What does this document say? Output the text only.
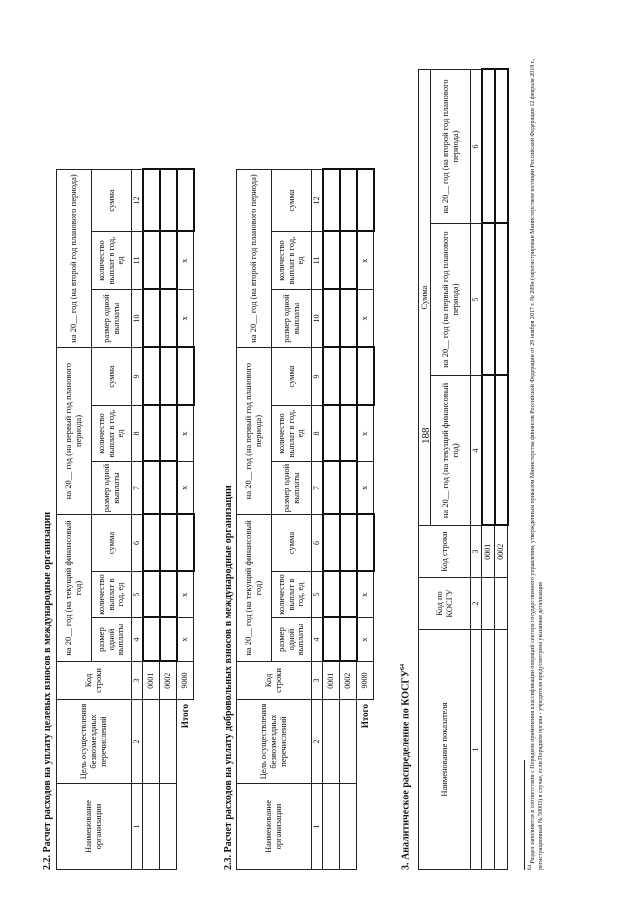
188
2.2. Расчет расходов на уплату целевых взносов в международные организации	Наименование организации	Цель осуществления безвозмездных перечислений	Код строки	на 20__ год (на текущий финансовый год)			на 20__ год (на первый год планового периода)			на 20__ год (на второй год планового периода)		
			размер одной выплаты	количество выплат в год, ед	сумма	размер одной выплаты	количество выплат в год, ед	сумма	размер одной выплаты	количество выплат в год, ед	сумма
1	2	3	4	5	6	7	8	9	10	11	12
		0001									
		0002									
	Итого	9000	х	х		х	х		х	х	
2.3. Расчет расходов на уплату добровольных взносов в международные организации	Наименование организации	Цель осуществления безвозмездных перечислений	Код строки	на 20__ год (на текущий финансовый год)			на 20__ год (на первый год планового периода)			на 20__ год (на второй год планового периода)		
			размер одной выплаты	количество выплат в год, ед	сумма	размер одной выплаты	количество выплат в год, ед	сумма	размер одной выплаты	количество выплат в год, ед	сумма
1	2	3	4	5	6	7	8	9	10	11	12
		0001									
		0002									
	Итого	9000	х	х		х	х		х	х	
3. Аналитическое распределение по КОСГУ$^{64}$
Наименование показателя	Код по КОСГУ	Код строки	Сумма		
			на 20__ год (на текущий финансовый год)	на 20__ год (на первый год планового периода)	на 20__ год (на второй год планового периода)
1	2	3	4	5	6
		0001			
		0002			
$^{64}$ Раздел заполняется в соответствии с Порядком применения классификации операций сектора государственного управления, утвержденным приказом Министерства финансов Российской Федерации от 29 ноября 2017 г. № 209н (зарегистрирован Министерством юстиции Российской Федерации 12 февраля 2018 г., регистрационный № 50003) в случае, если Порядком органа - учредителя предусмотрена указанная детализация
